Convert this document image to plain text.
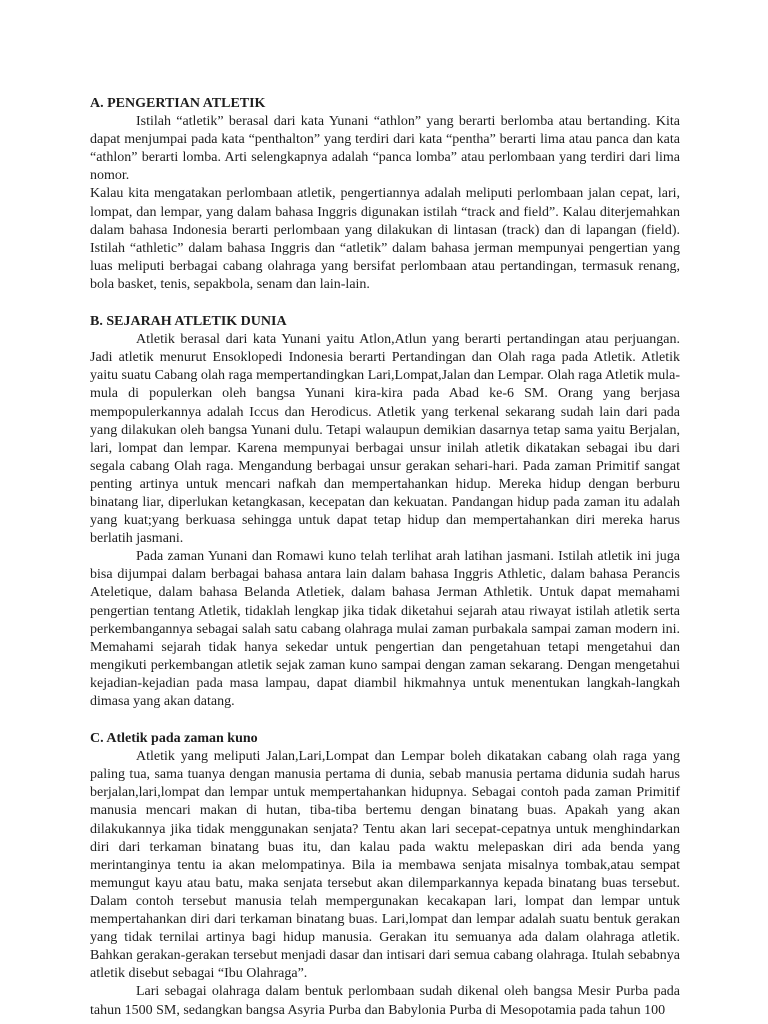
A. PENGERTIAN ATLETIK

Istilah “atletik” berasal dari kata Yunani “athlon” yang berarti berlomba atau bertanding. Kita dapat menjumpai pada kata “penthalton” yang terdiri dari kata “pentha” berarti lima atau panca dan kata “athlon” berarti lomba. Arti selengkapnya adalah “panca lomba” atau perlombaan yang terdiri dari lima nomor.

Kalau kita mengatakan perlombaan atletik, pengertiannya adalah meliputi perlombaan jalan cepat, lari, lompat, dan lempar, yang dalam bahasa Inggris digunakan istilah “track and field”. Kalau diterjemahkan dalam bahasa Indonesia berarti perlombaan yang dilakukan di lintasan (track) dan di lapangan (field). Istilah “athletic” dalam bahasa Inggris dan “atletik” dalam bahasa jerman mempunyai pengertian yang luas meliputi berbagai cabang olahraga yang bersifat perlombaan atau pertandingan, termasuk renang, bola basket, tenis, sepakbola, senam dan lain-lain.

B. SEJARAH ATLETIK DUNIA

Atletik berasal dari kata Yunani yaitu Atlon,Atlun yang berarti pertandingan atau perjuangan. Jadi atletik menurut Ensoklopedi Indonesia berarti Pertandingan dan Olah raga pada Atletik. Atletik yaitu suatu Cabang olah raga mempertandingkan Lari,Lompat,Jalan dan Lempar. Olah raga Atletik mula-mula di populerkan oleh bangsa Yunani kira-kira pada Abad ke-6 SM. Orang yang berjasa mempopulerkannya adalah Iccus dan Herodicus. Atletik yang terkenal sekarang sudah lain dari pada yang dilakukan oleh bangsa Yunani dulu. Tetapi walaupun demikian dasarnya tetap sama yaitu Berjalan, lari, lompat dan lempar. Karena mempunyai berbagai unsur inilah atletik dikatakan sebagai ibu dari segala cabang Olah raga. Mengandung berbagai unsur gerakan sehari-hari. Pada zaman Primitif sangat penting artinya untuk mencari nafkah dan mempertahankan hidup. Mereka hidup dengan berburu binatang liar, diperlukan ketangkasan, kecepatan dan kekuatan. Pandangan hidup pada zaman itu adalah yang kuat;yang berkuasa sehingga untuk dapat tetap hidup dan mempertahankan diri mereka harus berlatih jasmani.

Pada zaman Yunani dan Romawi kuno telah terlihat arah latihan jasmani. Istilah atletik ini juga bisa dijumpai dalam berbagai bahasa antara lain dalam bahasa Inggris Athletic, dalam bahasa Perancis Ateletique, dalam bahasa Belanda Atletiek, dalam bahasa Jerman Athletik. Untuk dapat memahami pengertian tentang Atletik, tidaklah lengkap jika tidak diketahui sejarah atau riwayat istilah atletik serta perkembangannya sebagai salah satu cabang olahraga mulai zaman purbakala sampai zaman modern ini. Memahami sejarah tidak hanya sekedar untuk pengertian dan pengetahuan tetapi mengetahui dan mengikuti perkembangan atletik sejak zaman kuno sampai dengan zaman sekarang. Dengan mengetahui kejadian-kejadian pada masa lampau, dapat diambil hikmahnya untuk menentukan langkah-langkah dimasa yang akan datang.

C. Atletik pada zaman kuno

Atletik yang meliputi Jalan,Lari,Lompat dan Lempar boleh dikatakan cabang olah raga yang paling tua, sama tuanya dengan manusia pertama di dunia, sebab manusia pertama didunia sudah harus berjalan,lari,lompat dan lempar untuk mempertahankan hidupnya. Sebagai contoh pada zaman Primitif manusia mencari makan di hutan, tiba-tiba bertemu dengan binatang buas. Apakah yang akan dilakukannya jika tidak menggunakan senjata? Tentu akan lari secepat-cepatnya untuk menghindarkan diri dari terkaman binatang buas itu, dan kalau pada waktu melepaskan diri ada benda yang merintanginya tentu ia akan melompatinya. Bila ia membawa senjata misalnya tombak,atau sempat memungut kayu atau batu, maka senjata tersebut akan dilemparkannya kepada binatang buas tersebut. Dalam contoh tersebut manusia telah mempergunakan kecakapan lari, lompat dan lempar untuk mempertahankan diri dari terkaman binatang buas. Lari,lompat dan lempar adalah suatu bentuk gerakan yang tidak ternilai artinya bagi hidup manusia. Gerakan itu semuanya ada dalam olahraga atletik. Bahkan gerakan-gerakan tersebut menjadi dasar dan intisari dari semua cabang olahraga. Itulah sebabnya atletik disebut sebagai “Ibu Olahraga”.

Lari sebagai olahraga dalam bentuk perlombaan sudah dikenal oleh bangsa Mesir Purba pada tahun 1500 SM, sedangkan bangsa Asyria Purba dan Babylonia Purba di Mesopotamia pada tahun 100
